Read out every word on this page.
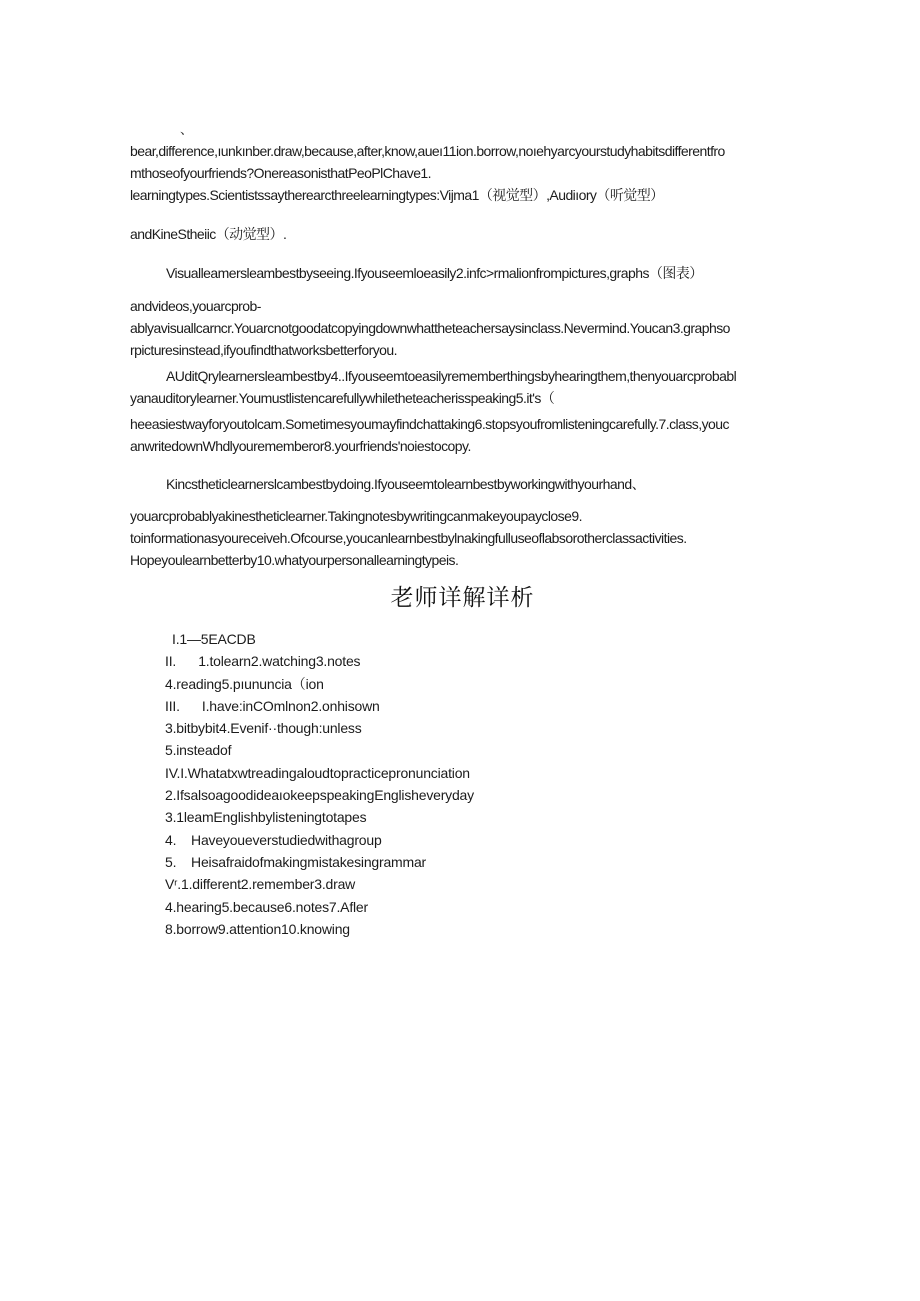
、
bear,difference,ıunkınber.draw,because,after,know,aueı11ion.borrow,noıehyarcyourstudyhabitsdifferentfro
mthoseofyourfriends?OnereasonisthatPeoPlChave1.
learningtypes.Scientistssaytherearcthreelearningtypes:Vijma1（视觉型）,Audiıory（听觉型）
andKineStheiic（动觉型）.
Visualleamersleambestbyseeing.Ifyouseemloeasily2.infc>rmalionfrompictures,graphs（图表）
andvideos,youarcprob-
ablyavisuallcarncr.Youarcnotgoodatcopyingdownwhattheteachersaysinclass.Nevermind.Youcan3.graphso
rpicturesinstead,ifyoufindthatworksbetterforyou.
AUditQrylearnersleambestby4..Ifyouseemtoeasilyrememberthingsbyhearingthem,thenyouarcprobabl
yanauditorylearner.Youmustlistencarefullywhiletheteacherisspeaking5.it's（
heeasiestwayforyoutolcam.Sometimesyoumayfindchattaking6.stopsyoufromlisteningcarefully.7.class,youc
anwritedownWhdlyourememberor8.yourfriends'noiestocopy.
Kincstheticlearnerslcambestbydoing.Ifyouseemtolearnbestbyworkingwithyourhand、
youarcprobablyakinestheticlearner.Takingnotesbywritingcanmakeyoupayclose9.
toinformationasyoureceiveh.Ofcourse,youcanlearnbestbylnakingfulluseoflabsorotherclassactivities.
Hopeyoulearnbetterby10.whatyourpersonallearningtypeis.
老师详解详析
I.1—5EACDB
II.      1.tolearn2.watching3.notes
4.reading5.pıununcia（ion
III.      I.have:inCOmlnon2.onhisown
3.bitbybit4.Evenif··though:unless
5.insteadof
IV.I.Whatatxwtreadingaloudtopracticepronunciation
2.IfsalsoagoodideaıokeepspeakingEnglisheveryday
3.1leamEnglishbylisteningtotapes
4.    Haveyoueverstudiedwithagroup
5.    Heisafraidofmakingmistakesingrammar
Vʳ.1.different2.remember3.draw
4.hearing5.because6.notes7.Afler
8.borrow9.attention10.knowing
